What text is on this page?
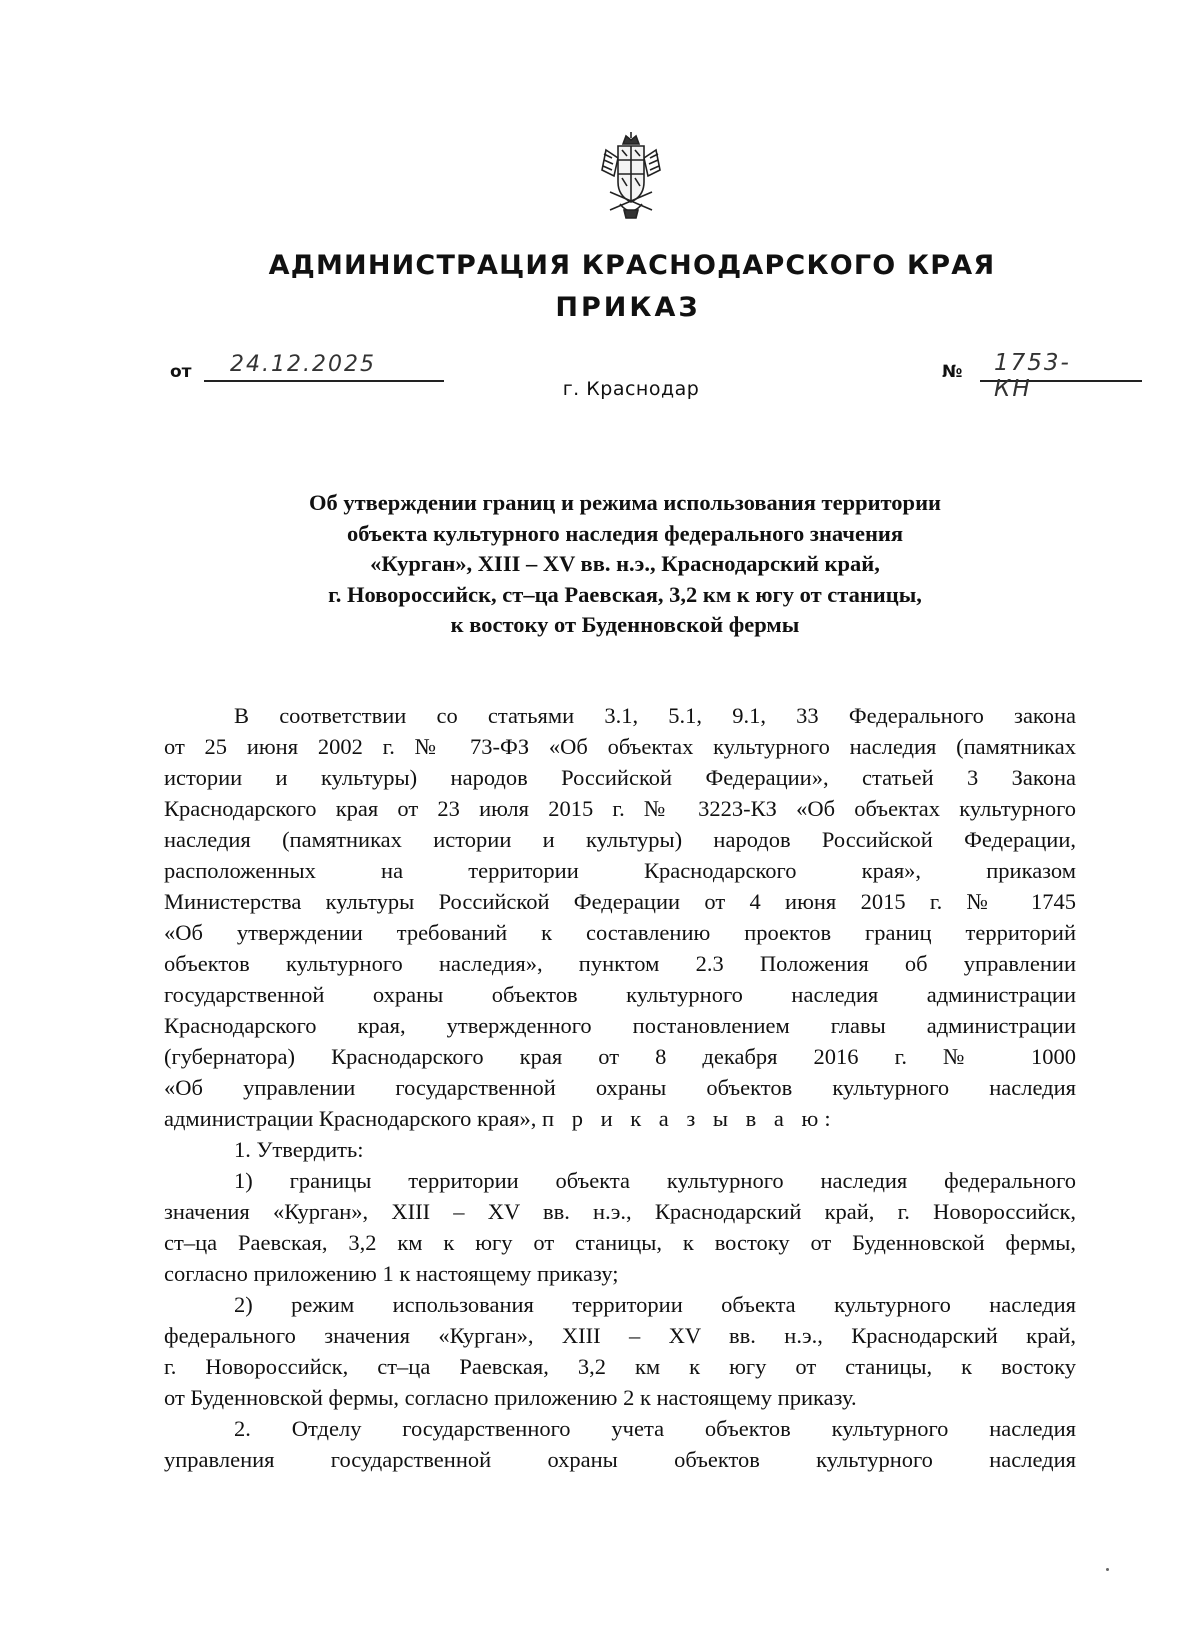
АДМИНИСТРАЦИЯ КРАСНОДАРСКОГО КРАЯ
ПРИКАЗ
от 24.12.2025	№ 1753-КН
г. Краснодар
Об утверждении границ и режима использования территории
объекта культурного наследия федерального значения
«Курган», XIII – XV вв. н.э., Краснодарский край,
г. Новороссийск, ст–ца Раевская, 3,2 км к югу от станицы,
к востоку от Буденновской фермы
В соответствии со статьями 3.1, 5.1, 9.1, 33 Федерального закона
от 25 июня 2002 г. № 73-ФЗ «Об объектах культурного наследия (памятниках
истории и культуры) народов Российской Федерации», статьей 3 Закона
Краснодарского края от 23 июля 2015 г. № 3223-КЗ «Об объектах культурного
наследия (памятниках истории и культуры) народов Российской Федерации,
расположенных на территории Краснодарского края», приказом
Министерства культуры Российской Федерации от 4 июня 2015 г. № 1745
«Об утверждении требований к составлению проектов границ территорий
объектов культурного наследия», пунктом 2.3 Положения об управлении
государственной охраны объектов культурного наследия администрации
Краснодарского края, утвержденного постановлением главы администрации
(губернатора) Краснодарского края от 8 декабря 2016 г. № 1000
«Об управлении государственной охраны объектов культурного наследия
администрации Краснодарского края», п р и к а з ы в а ю:
1. Утвердить:
1) границы территории объекта культурного наследия федерального
значения «Курган», XIII – XV вв. н.э., Краснодарский край, г. Новороссийск,
ст–ца Раевская, 3,2 км к югу от станицы, к востоку от Буденновской фермы,
согласно приложению 1 к настоящему приказу;
2) режим использования территории объекта культурного наследия
федерального значения «Курган», XIII – XV вв. н.э., Краснодарский край,
г. Новороссийск, ст–ца Раевская, 3,2 км к югу от станицы, к востоку
от Буденновской фермы, согласно приложению 2 к настоящему приказу.
2. Отделу государственного учета объектов культурного наследия
управления государственной охраны объектов культурного наследия
